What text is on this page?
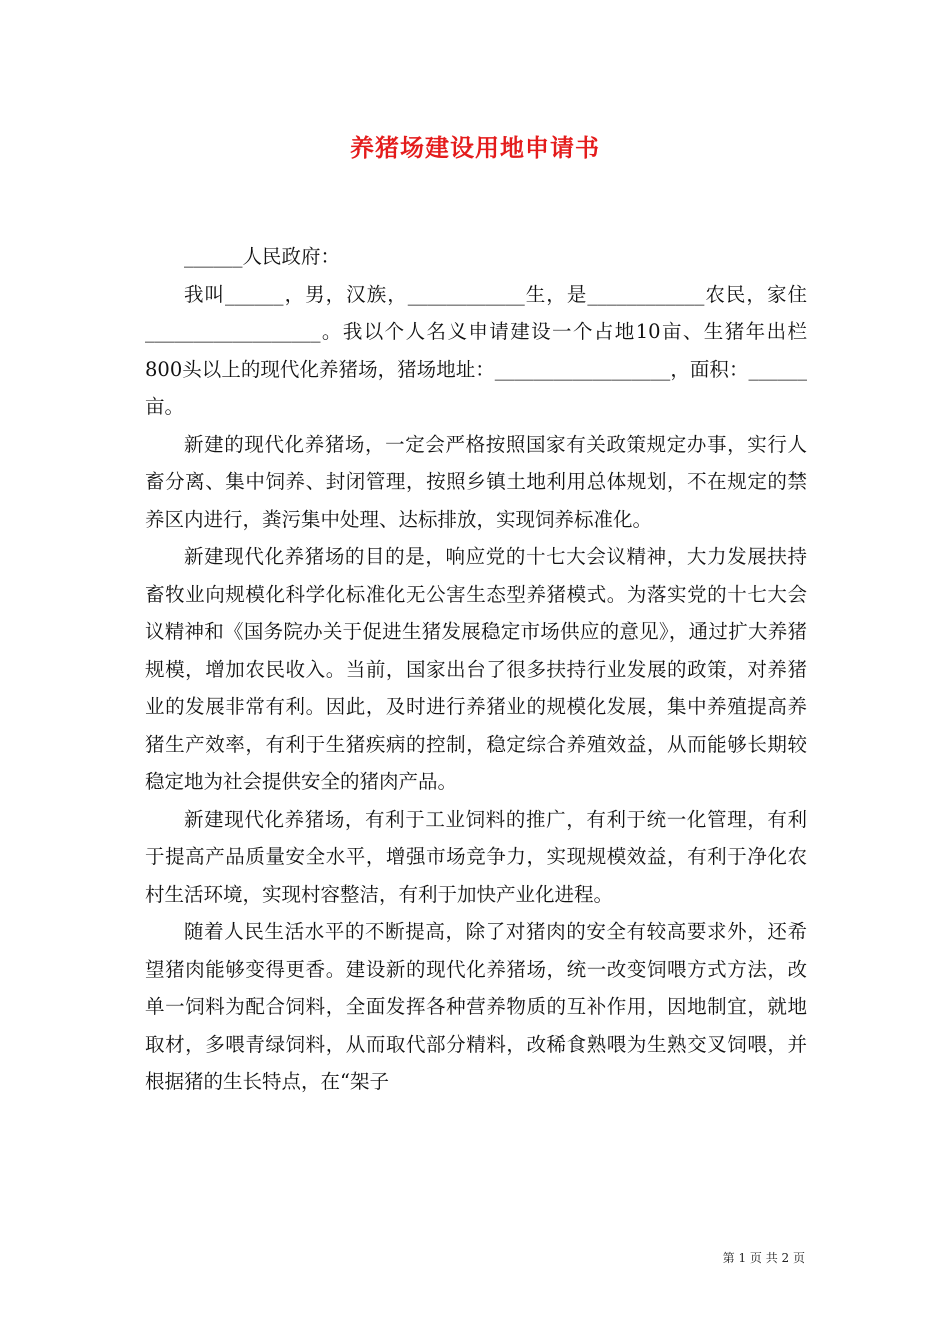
养猪场建设用地申请书

______人民政府：

我叫______，男，汉族，____________生，是____________农民，家住__________________。我以个人名义申请建设一个占地10亩、生猪年出栏800头以上的现代化养猪场，猪场地址：__________________，面积：______亩。

新建的现代化养猪场，一定会严格按照国家有关政策规定办事，实行人畜分离、集中饲养、封闭管理，按照乡镇土地利用总体规划，不在规定的禁养区内进行，粪污集中处理、达标排放，实现饲养标准化。

新建现代化养猪场的目的是，响应党的十七大会议精神，大力发展扶持畜牧业向规模化科学化标准化无公害生态型养猪模式。为落实党的十七大会议精神和《国务院办关于促进生猪发展稳定市场供应的意见》，通过扩大养猪规模，增加农民收入。当前，国家出台了很多扶持行业发展的政策，对养猪业的发展非常有利。因此，及时进行养猪业的规模化发展，集中养殖提高养猪生产效率，有利于生猪疾病的控制，稳定综合养殖效益，从而能够长期较稳定地为社会提供安全的猪肉产品。

新建现代化养猪场，有利于工业饲料的推广，有利于统一化管理，有利于提高产品质量安全水平，增强市场竞争力，实现规模效益，有利于净化农村生活环境，实现村容整洁，有利于加快产业化进程。

随着人民生活水平的不断提高，除了对猪肉的安全有较高要求外，还希望猪肉能够变得更香。建设新的现代化养猪场，统一改变饲喂方式方法，改单一饲料为配合饲料，全面发挥各种营养物质的互补作用，因地制宜，就地取材，多喂青绿饲料，从而取代部分精料，改稀食熟喂为生熟交叉饲喂，并根据猪的生长特点，在“架子

第 1 页 共 2 页
